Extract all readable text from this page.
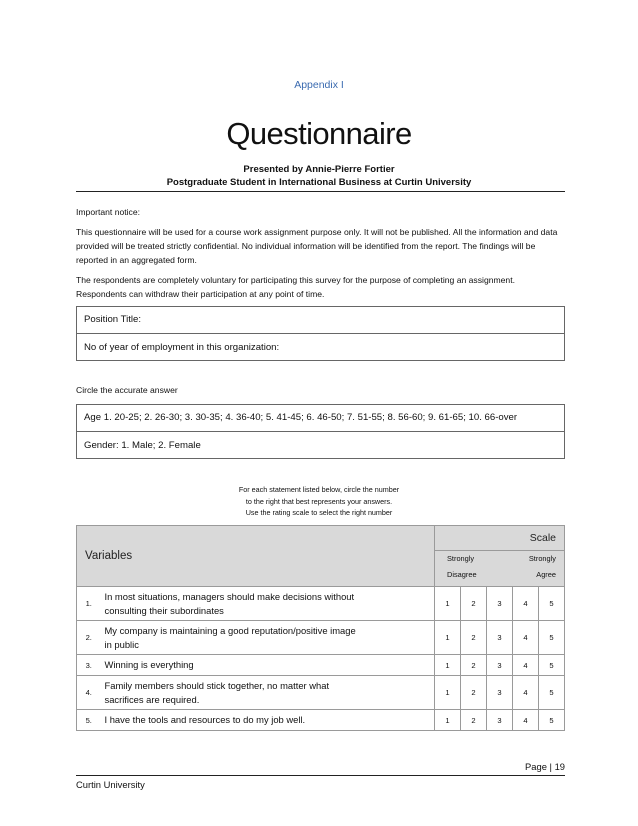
Appendix I
Questionnaire
Presented by Annie-Pierre Fortier
Postgraduate Student in International Business at Curtin University
Important notice:
This questionnaire will be used for a course work assignment purpose only. It will not be published. All the information and data provided will be treated strictly confidential. No individual information will be identified from the report. The findings will be reported in an aggregated form.
The respondents are completely voluntary for participating this survey for the purpose of completing an assignment. Respondents can withdraw their participation at any point of time.
Position Title:
No of year of employment in this organization:
Circle the accurate answer
Age 1. 20-25; 2. 26-30; 3. 30-35; 4. 36-40; 5. 41-45; 6. 46-50; 7. 51-55; 8. 56-60; 9. 61-65; 10. 66-over
Gender: 1. Male; 2. Female
For each statement listed below, circle the number
to the right that best represents your answers.
Use the rating scale to select the right number
Variables		Scale				

		Strongly Strongly
Disagree Agree				

1.	In most situations, managers should make decisions without
consulting their subordinates	1	2	3	4	5
2.	My company is maintaining a good reputation/positive image
in public	1	2	3	4	5
3.	Winning is everything	1	2	3	4	5
4.	Family members should stick together, no matter what
sacrifices are required.	1	2	3	4	5
5.	I have the tools and resources to do my job well.	1	2	3	4	5
Page | 19
Curtin University
